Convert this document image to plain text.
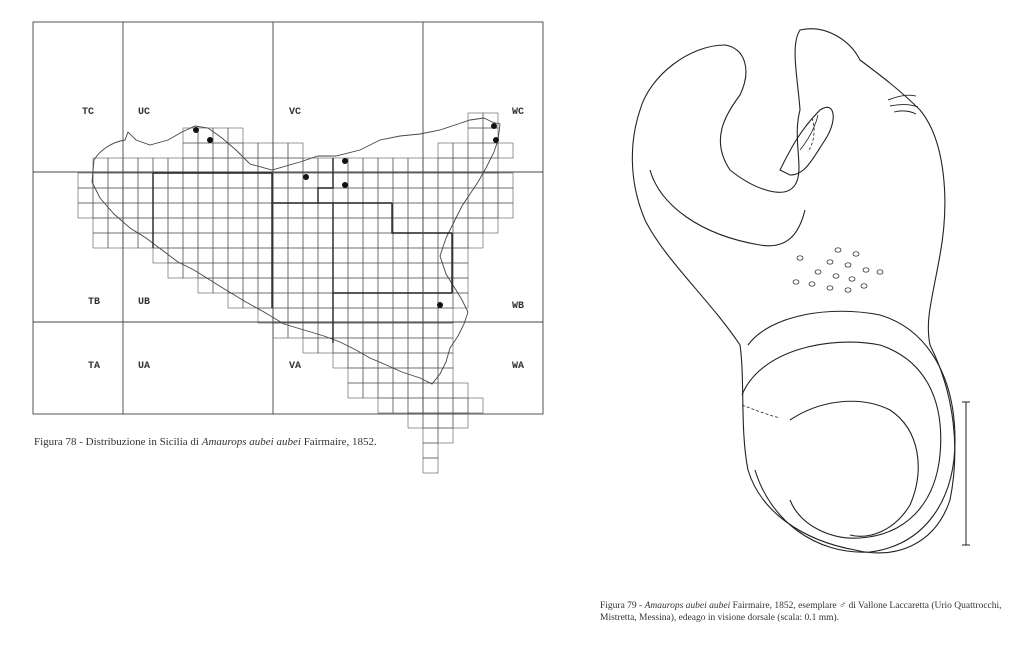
TC	UC	VC	WC
TB	UB	WB
TA	UA	VA	WA
Figura 78 - Distribuzione in Sicilia di Amaurops aubei aubei Fairmaire, 1852.
Figura 79 - Amaurops aubei aubei Fairmaire, 1852, esemplare ♂ di Vallone Laccaretta (Urio Quattrocchi, Mistretta, Messina), edeago in visione dorsale (scala: 0.1 mm).
